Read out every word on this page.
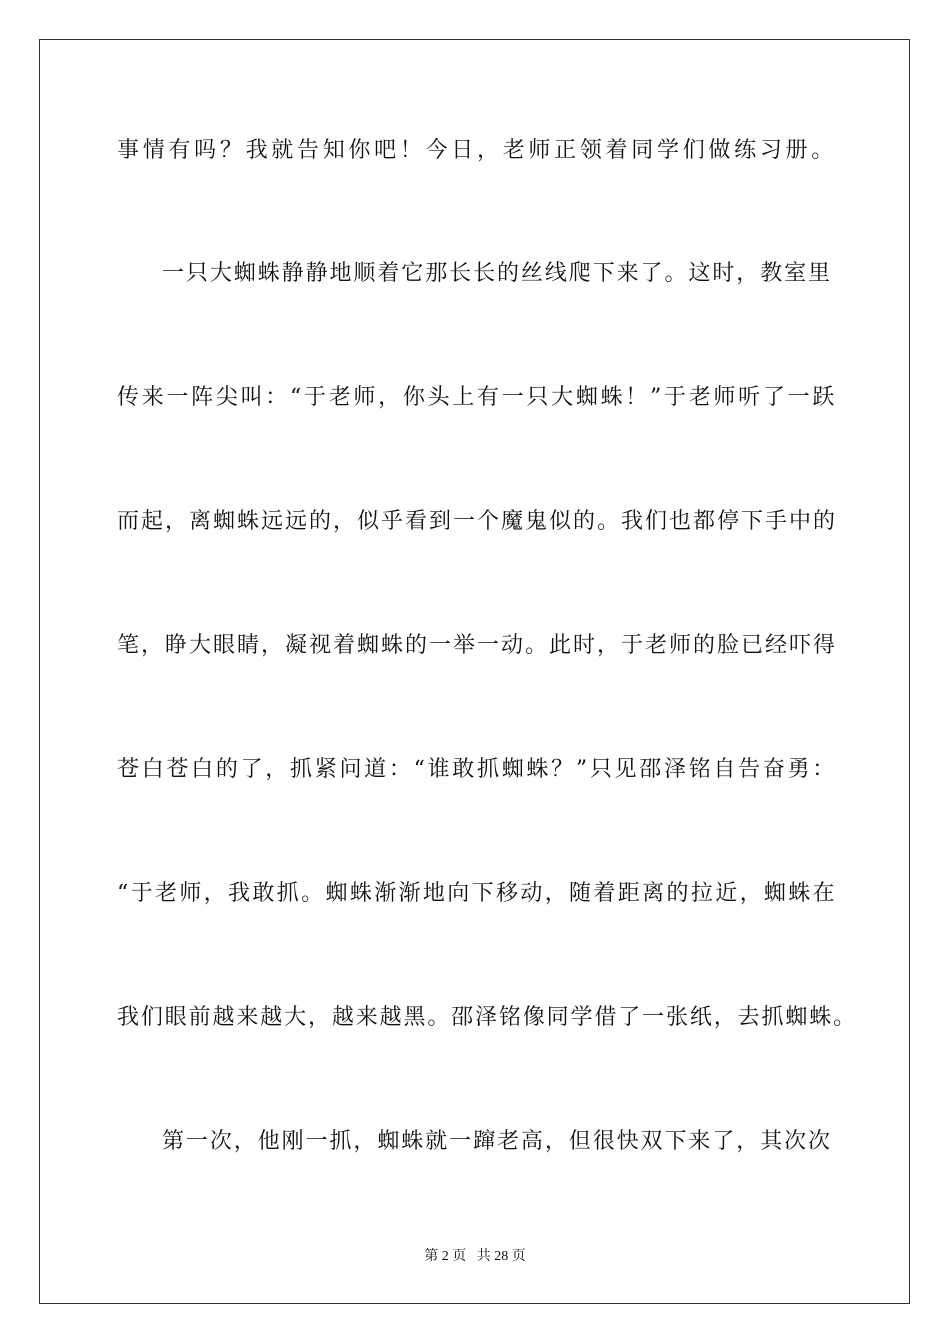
事情有吗？我就告知你吧！今日，老师正领着同学们做练习册。

一只大蜘蛛静静地顺着它那长长的丝线爬下来了。这时，教室里

传来一阵尖叫：“于老师，你头上有一只大蜘蛛！”于老师听了一跃

而起，离蜘蛛远远的，似乎看到一个魔鬼似的。我们也都停下手中的

笔，睁大眼睛，凝视着蜘蛛的一举一动。此时，于老师的脸已经吓得

苍白苍白的了，抓紧问道：“谁敢抓蜘蛛？”只见邵泽铭自告奋勇：

“于老师，我敢抓。蜘蛛渐渐地向下移动，随着距离的拉近，蜘蛛在

我们眼前越来越大，越来越黑。邵泽铭像同学借了一张纸，去抓蜘蛛。

第一次，他刚一抓，蜘蛛就一蹿老高，但很快双下来了，其次次

第 2 页 共 28 页
